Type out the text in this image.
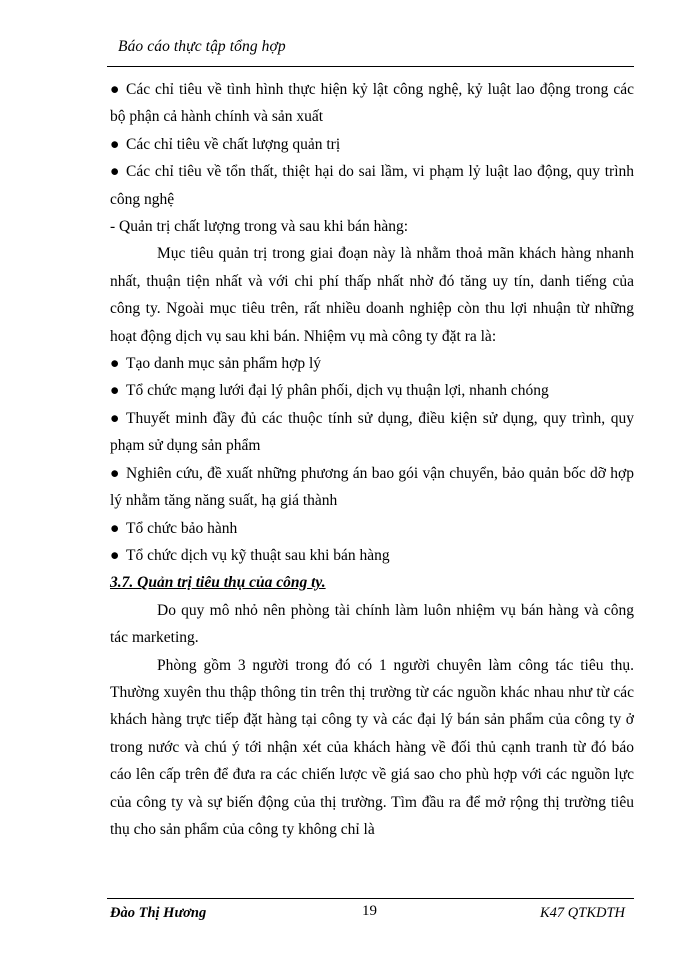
Báo cáo thực tập tổng hợp

● Các chỉ tiêu về tình hình thực hiện kỷ lật công nghệ, kỷ luật lao động trong các bộ phận cả hành chính và sản xuất

● Các chỉ tiêu về chất lượng quản trị

● Các chỉ tiêu về tổn thất, thiệt hại do sai lầm, vi phạm lỷ luật lao động, quy trình công nghệ

- Quản trị chất lượng trong và sau khi bán hàng:

Mục tiêu quản trị trong giai đoạn này là nhằm thoả mãn khách hàng nhanh nhất, thuận tiện nhất và với chi phí thấp nhất nhờ đó tăng uy tín, danh tiếng của công ty. Ngoài mục tiêu trên, rất nhiều doanh nghiệp còn thu lợi nhuận từ những hoạt động dịch vụ sau khi bán. Nhiệm vụ mà công ty đặt ra là:

● Tạo danh mục sản phẩm hợp lý

● Tổ chức mạng lưới đại lý phân phối, dịch vụ thuận lợi, nhanh chóng

● Thuyết minh đầy đủ các thuộc tính sử dụng, điều kiện sử dụng, quy trình, quy phạm sử dụng sản phẩm

● Nghiên cứu, đề xuất những phương án bao gói vận chuyển, bảo quản bốc dỡ hợp lý nhằm tăng năng suất, hạ giá thành

● Tổ chức bảo hành

● Tổ chức dịch vụ kỹ thuật sau khi bán hàng

3.7. Quản trị tiêu thụ của công ty.

Do quy mô nhỏ nên phòng tài chính làm luôn nhiệm vụ bán hàng và công tác marketing.

Phòng gồm 3 người trong đó có 1 người chuyên làm công tác tiêu thụ. Thường xuyên thu thập thông tin trên thị trường từ các nguồn khác nhau như từ các khách hàng trực tiếp đặt hàng tại công ty và các đại lý bán sản phẩm của công ty ở trong nước và chú ý tới nhận xét của khách hàng về đối thủ cạnh tranh từ đó báo cáo lên cấp trên để đưa ra các chiến lược về giá sao cho phù hợp với các nguồn lực của công ty và sự biến động của thị trường. Tìm đầu ra để mở rộng thị trường tiêu thụ cho sản phẩm của công ty không chỉ là

Đào Thị Hương	19	K47 QTKDTH
